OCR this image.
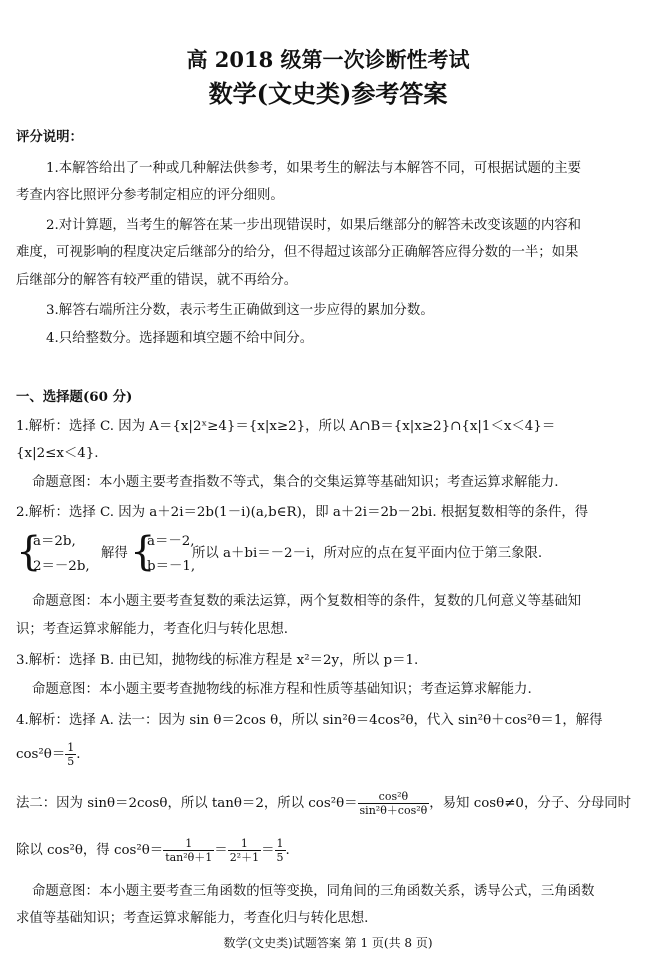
高 2018 级第一次诊断性考试
数学(文史类)参考答案
评分说明：
1.本解答给出了一种或几种解法供参考，如果考生的解法与本解答不同，可根据试题的主要
考查内容比照评分参考制定相应的评分细则。
2.对计算题，当考生的解答在某一步出现错误时，如果后继部分的解答未改变该题的内容和
难度，可视影响的程度决定后继部分的给分，但不得超过该部分正确解答应得分数的一半；如果
后继部分的解答有较严重的错误，就不再给分。
3.解答右端所注分数，表示考生正确做到这一步应得的累加分数。
4.只给整数分。选择题和填空题不给中间分。
一、选择题(60 分)
1.解析：选择 C. 因为 A＝{x|2ˣ≥4}＝{x|x≥2}，所以 A∩B＝{x|x≥2}∩{x|1＜x＜4}＝
{x|2≤x＜4}.
命题意图：本小题主要考查指数不等式，集合的交集运算等基础知识；考查运算求解能力.
2.解析：选择 C. 因为 a＋2i＝2b(1－i)(a,b∈R)，即 a＋2i＝2b－2bi. 根据复数相等的条件，得
{
a＝2b,
2＝－2b,
解得 {
a＝－2,
b＝－1,
所以 a＋bi＝－2－i，所对应的点在复平面内位于第三象限.
命题意图：本小题主要考查复数的乘法运算，两个复数相等的条件，复数的几何意义等基础知
识；考查运算求解能力，考查化归与转化思想.
3.解析：选择 B. 由已知，抛物线的标准方程是 x²＝2y，所以 p＝1.
命题意图：本小题主要考查抛物线的标准方程和性质等基础知识；考查运算求解能力.
4.解析：选择 A. 法一：因为 sin θ＝2cos θ，所以 sin²θ＝4cos²θ，代入 sin²θ＋cos²θ＝1，解得
$\cos^2\theta= \frac{1}{5}$ .
法二：因为 sinθ＝2cosθ，所以 tanθ＝2，所以 $\cos^2\theta= \frac{\text{cos²θ}}{\text{sin²θ＋cos²θ}}$ ，易知 cosθ≠0，分子、分母同时
除以 cos²θ，得 $\cos^2\theta= \frac{1}{\text{tan²θ＋1}} = \frac{1}{\text{2²＋1}} = \frac{1}{5}$ .
命题意图：本小题主要考查三角函数的恒等变换，同角间的三角函数关系，诱导公式，三角函数
求值等基础知识；考查运算求解能力，考查化归与转化思想.
数学(文史类)试题答案 第 1 页(共 8 页)
